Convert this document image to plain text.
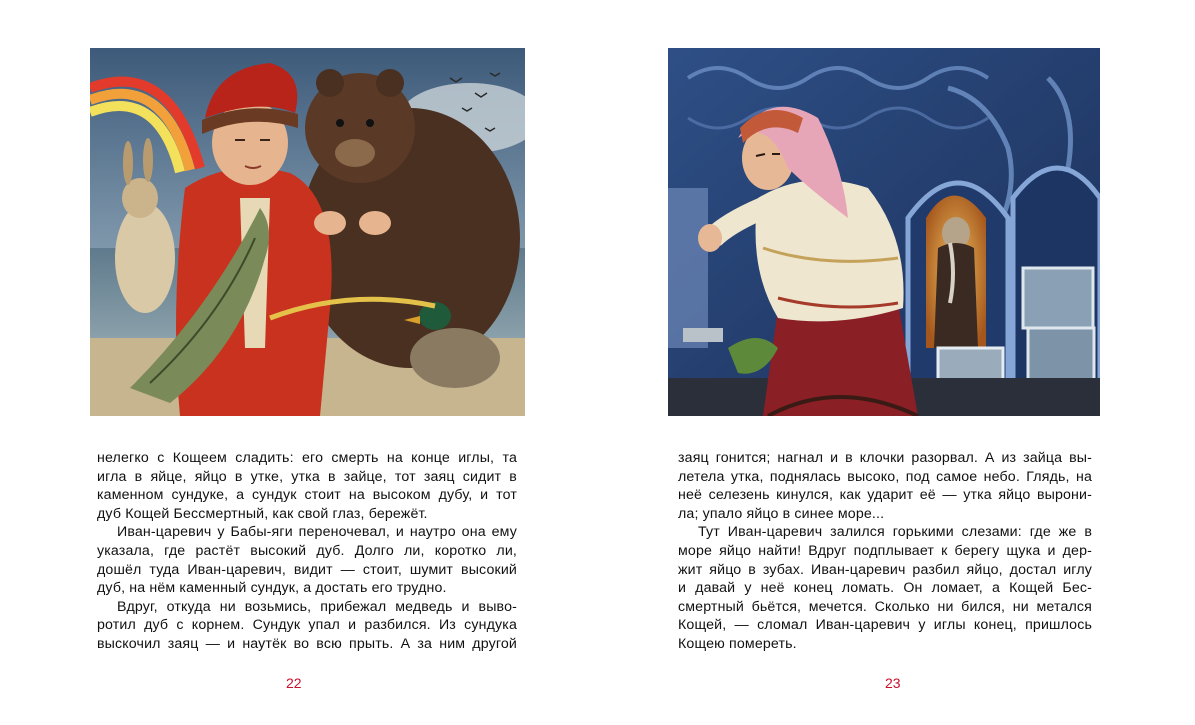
нелегко с Кощеем сладить: его смерть на конце иглы, та
игла в яйце, яйцо в утке, утка в зайце, тот заяц сидит в
каменном сундуке, а сундук стоит на высоком дубу, и тот
дуб Кощей Бессмертный, как свой глаз, бережёт.
Иван-царевич у Бабы-яги переночевал, и наутро она ему
указала, где растёт высокий дуб. Долго ли, коротко ли,
дошёл туда Иван-царевич, видит — стоит, шумит высокий
дуб, на нём каменный сундук, а достать его трудно.
Вдруг, откуда ни возьмись, прибежал медведь и выво-
ротил дуб с корнем. Сундук упал и разбился. Из сундука
выскочил заяц — и наутёк во всю прыть. А за ним другой
22
заяц гонится; нагнал и в клочки разорвал. А из зайца вы-
летела утка, поднялась высоко, под самое небо. Глядь, на
неё селезень кинулся, как ударит её — утка яйцо вырони-
ла; упало яйцо в синее море...
Тут Иван-царевич залился горькими слезами: где же в
море яйцо найти! Вдруг подплывает к берегу щука и дер-
жит яйцо в зубах. Иван-царевич разбил яйцо, достал иглу
и давай у неё конец ломать. Он ломает, а Кощей Бес-
смертный бьётся, мечется. Сколько ни бился, ни метался
Кощей, — сломал Иван-царевич у иглы конец, пришлось
Кощею помереть.
23
